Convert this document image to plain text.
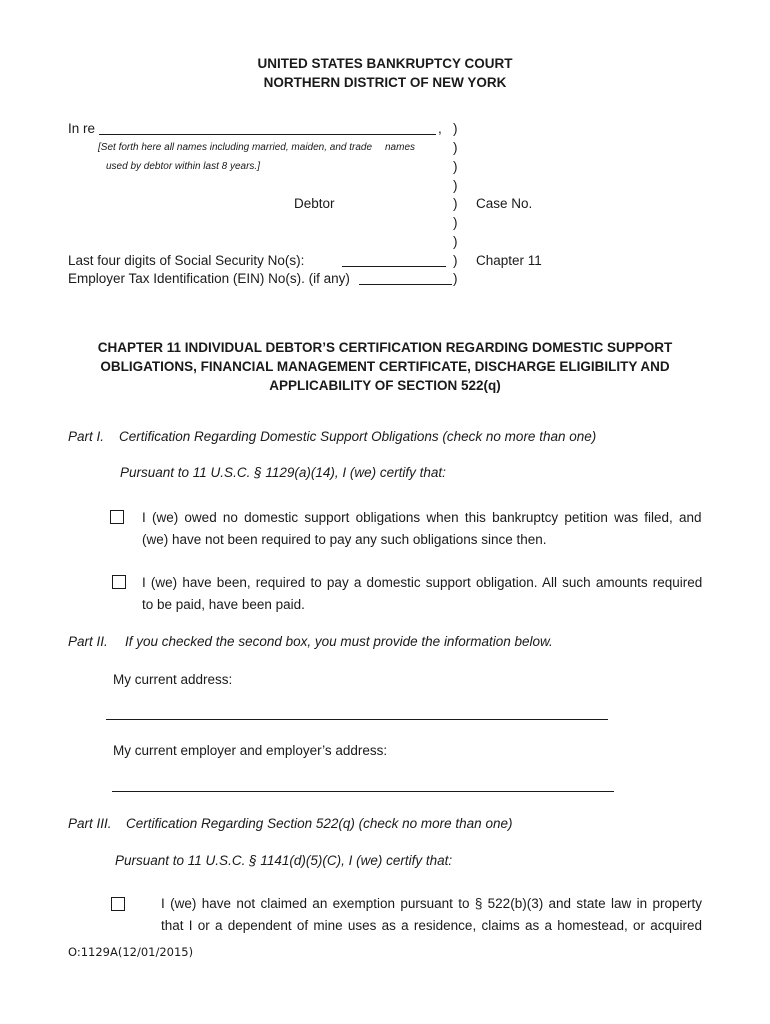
UNITED STATES BANKRUPTCY COURT
NORTHERN DISTRICT OF NEW YORK
In re	,
[Set forth here all names including married, maiden, and trade names
used by debtor within last 8 years.]
Debtor
Last four digits of Social Security No(s):
Employer Tax Identification (EIN) No(s). (if any)
)
)
)
)
)
)
)
)
)
Case No.
Chapter 11
CHAPTER 11 INDIVIDUAL DEBTOR’S CERTIFICATION REGARDING DOMESTIC SUPPORT
OBLIGATIONS, FINANCIAL MANAGEMENT CERTIFICATE, DISCHARGE ELIGIBILITY AND
APPLICABILITY OF SECTION 522(q)
Part I. Certification Regarding Domestic Support Obligations (check no more than one)
Pursuant to 11 U.S.C. § 1129(a)(14), I (we) certify that:
I (we) owed no domestic support obligations when this bankruptcy petition was filed, and
(we) have not been required to pay any such obligations since then.
I (we) have been, required to pay a domestic support obligation. All such amounts required
to be paid, have been paid.
Part II. If you checked the second box, you must provide the information below.
My current address:
My current employer and employer’s address:
Part III. Certification Regarding Section 522(q) (check no more than one)
Pursuant to 11 U.S.C. § 1141(d)(5)(C), I (we) certify that:
I (we) have not claimed an exemption pursuant to § 522(b)(3) and state law in property
that I or a dependent of mine uses as a residence, claims as a homestead, or acquired
O:1129A(12/01/2015)
